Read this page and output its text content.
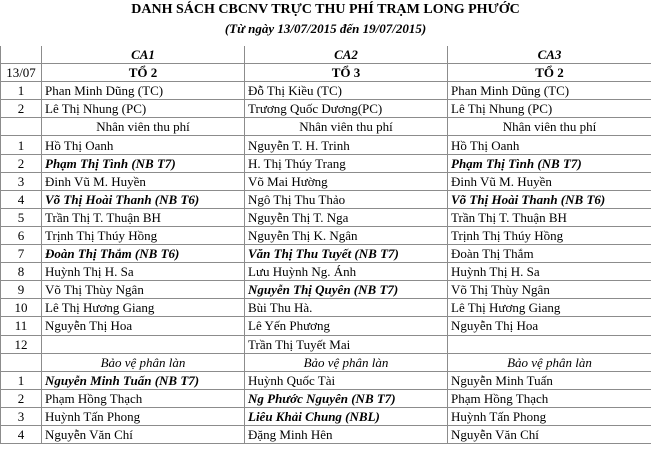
DANH SÁCH CBCNV TRỰC THU PHÍ TRẠM LONG PHƯỚC
(Từ ngày 13/07/2015 đến 19/07/2015)
	CA1	CA2	CA3
13/07	TỔ 2	TỔ 3	TỔ 2
1	Phan Minh Dũng (TC)	Đỗ Thị Kiều (TC)	Phan Minh Dũng (TC)
2	Lê Thị Nhung (PC)	Trương Quốc Dương(PC)	Lê Thị Nhung (PC)
	Nhân viên thu phí	Nhân viên thu phí	Nhân viên thu phí
1	Hồ Thị Oanh	Nguyễn T. H. Trinh	Hồ Thị Oanh
2	Phạm Thị Tình (NB T7)	H. Thị Thúy Trang	Phạm Thị Tình (NB T7)
3	Đinh Vũ M. Huyền	Võ Mai Hường	Đinh Vũ M. Huyền
4	Võ Thị Hoài Thanh (NB T6)	Ngô Thị Thu Thảo	Võ Thị Hoài Thanh (NB T6)
5	Trần Thị T. Thuận BH	Nguyễn Thị T. Nga	Trần Thị T. Thuận BH
6	Trịnh Thị Thúy Hồng	Nguyễn Thị K. Ngân	Trịnh Thị Thúy Hồng
7	Đoàn Thị Thắm (NB T6)	Văn Thị Thu Tuyết (NB T7)	Đoàn Thị Thắm
8	Huỳnh Thị H. Sa	Lưu Huỳnh Ng. Ánh	Huỳnh Thị H. Sa
9	Võ Thị Thùy Ngân	Nguyễn Thị Quyên (NB T7)	Võ Thị Thùy Ngân
10	Lê Thị Hương Giang	Bùi Thu Hà.	Lê Thị Hương Giang
11	Nguyễn Thị Hoa	Lê Yến Phương	Nguyễn Thị Hoa
12		Trần Thị Tuyết Mai	
	Bảo vệ phân làn	Bảo vệ phân làn	Bảo vệ phân làn
1	Nguyễn Minh Tuấn (NB T7)	Huỳnh Quốc Tài	Nguyễn Minh Tuấn
2	Phạm Hồng Thạch	Ng Phước Nguyên (NB T7)	Phạm Hồng Thạch
3	Huỳnh Tấn Phong	Liêu Khải Chung (NBL)	Huỳnh Tấn Phong
4	Nguyễn Văn Chí	Đặng Minh Hên	Nguyễn Văn Chí
